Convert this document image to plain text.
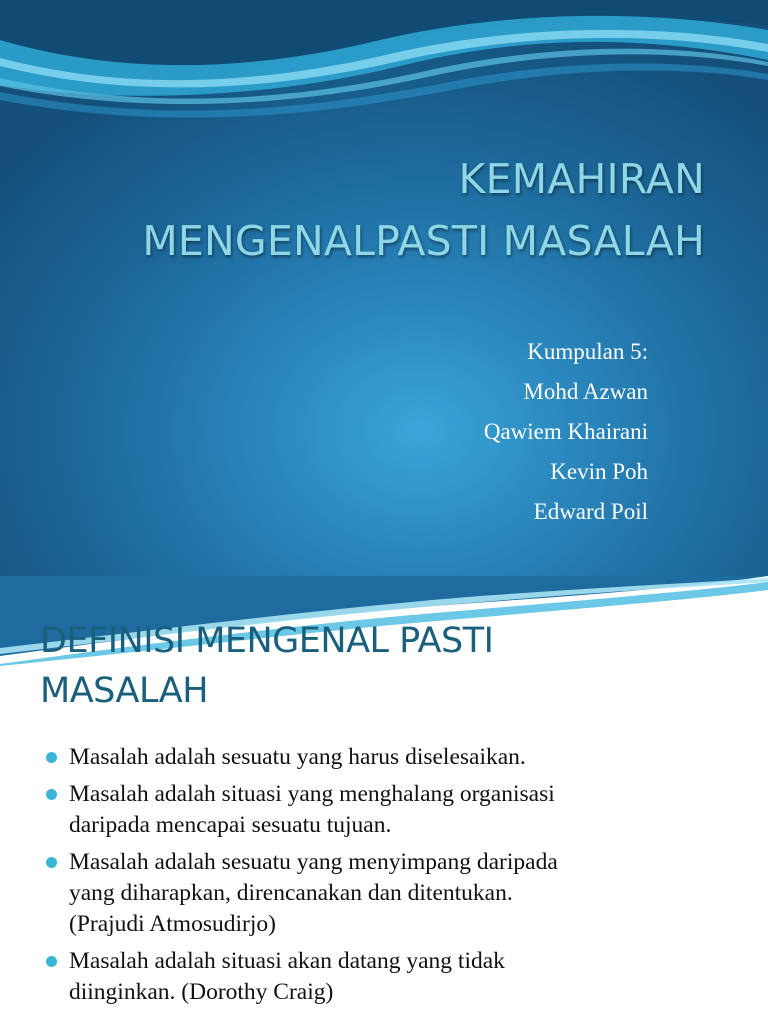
KEMAHIRAN
MENGENALPASTI MASALAH
Kumpulan 5:
Mohd Azwan
Qawiem Khairani
Kevin Poh
Edward Poil
DEFINISI MENGENAL PASTI
MASALAH
Masalah adalah sesuatu yang harus diselesaikan.
Masalah adalah situasi yang menghalang organisasi
daripada mencapai sesuatu tujuan.
Masalah adalah sesuatu yang menyimpang daripada
yang diharapkan, direncanakan dan ditentukan.
(Prajudi Atmosudirjo)
Masalah adalah situasi akan datang yang tidak
diinginkan. (Dorothy Craig)
